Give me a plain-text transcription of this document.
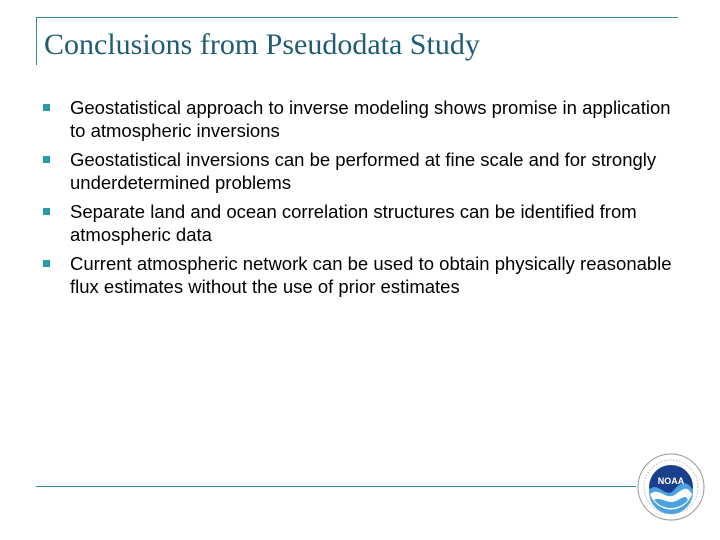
Conclusions from Pseudodata Study
Geostatistical approach to inverse modeling shows promise in application to atmospheric inversions
Geostatistical inversions can be performed at fine scale and for strongly underdetermined problems
Separate land and ocean correlation structures can be identified from atmospheric data
Current atmospheric network can be used to obtain physically reasonable flux estimates without the use of prior estimates
NOAA
